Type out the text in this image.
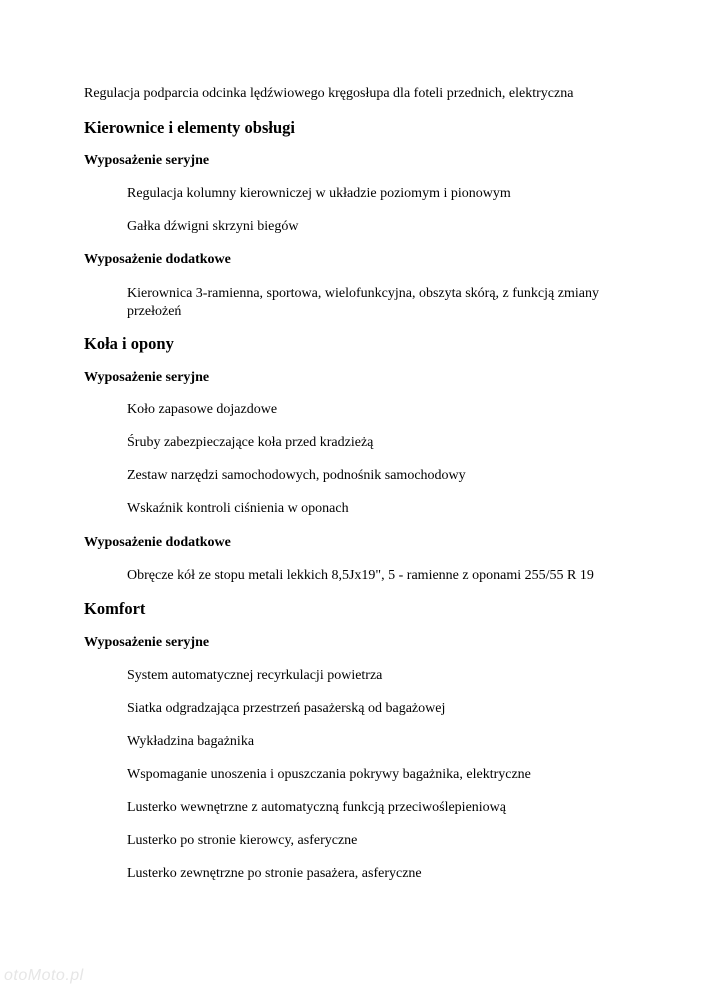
Regulacja podparcia odcinka lędźwiowego kręgosłupa dla foteli przednich, elektryczna
Kierownice i elementy obsługi
Wyposażenie seryjne
Regulacja kolumny kierowniczej w układzie poziomym i pionowym
Gałka dźwigni skrzyni biegów
Wyposażenie dodatkowe
Kierownica 3-ramienna, sportowa, wielofunkcyjna, obszyta skórą, z funkcją zmiany przełożeń
Koła i opony
Wyposażenie seryjne
Koło zapasowe dojazdowe
Śruby zabezpieczające koła przed kradzieżą
Zestaw narzędzi samochodowych, podnośnik samochodowy
Wskaźnik kontroli ciśnienia w oponach
Wyposażenie dodatkowe
Obręcze kół ze stopu metali lekkich 8,5Jx19", 5 - ramienne z oponami 255/55 R 19
Komfort
Wyposażenie seryjne
System automatycznej recyrkulacji powietrza
Siatka odgradzająca przestrzeń pasażerską od bagażowej
Wykładzina bagażnika
Wspomaganie unoszenia i opuszczania pokrywy bagażnika, elektryczne
Lusterko wewnętrzne z automatyczną funkcją przeciwoślepieniową
Lusterko po stronie kierowcy, asferyczne
Lusterko zewnętrzne po stronie pasażera, asferyczne
otoMoto.pl
